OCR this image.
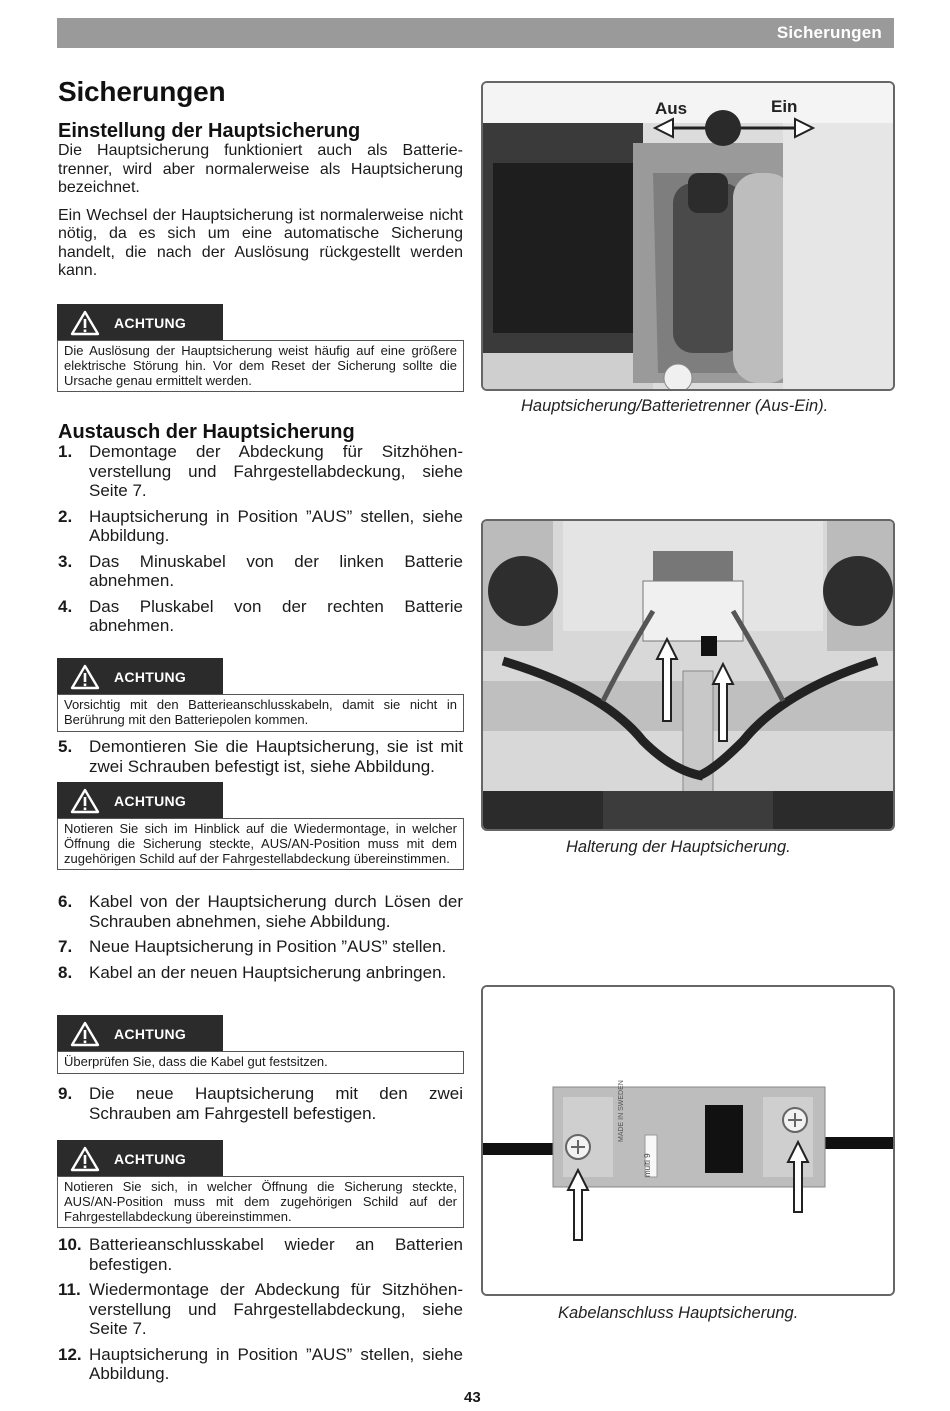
Sicherungen
Sicherungen
Einstellung der Hauptsicherung

Die Hauptsicherung funktioniert auch als Batterie-trenner, wird aber normalerweise als Hauptsicherung bezeichnet.

Ein Wechsel der Hauptsicherung ist normalerweise nicht nötig, da es sich um eine automatische Sicherung handelt, die nach der Auslösung rückgestellt werden kann.

ACHTUNG
Die Auslösung der Hauptsicherung weist häufig auf eine größere elektrische Störung hin. Vor dem Reset der Sicherung sollte die Ursache genau ermittelt werden.
Austausch der Hauptsicherung
1. Demontage der Abdeckung für Sitzhöhen-verstellung und Fahrgestellabdeckung, siehe Seite 7.
2. Hauptsicherung in Position ”AUS” stellen, siehe Abbildung.
3. Das Minuskabel von der linken Batterie abnehmen.
4. Das Pluskabel von der rechten Batterie abnehmen.
ACHTUNG
Vorsichtig mit den Batterieanschlusskabeln, damit sie nicht in Berührung mit den Batteriepolen kommen.
5. Demontieren Sie die Hauptsicherung, sie ist mit zwei Schrauben befestigt ist, siehe Abbildung.
ACHTUNG
Notieren Sie sich im Hinblick auf die Wiedermontage, in welcher Öffnung die Sicherung steckte, AUS/AN-Position muss mit dem zugehörigen Schild auf der Fahrgestellabdeckung übereinstimmen.
6. Kabel von der Hauptsicherung durch Lösen der Schrauben abnehmen, siehe Abbildung.
7. Neue Hauptsicherung in Position ”AUS” stellen.
8. Kabel an der neuen Hauptsicherung anbringen.
ACHTUNG
Überprüfen Sie, dass die Kabel gut festsitzen.
9. Die neue Hauptsicherung mit den zwei Schrauben am Fahrgestell befestigen.
ACHTUNG
Notieren Sie sich, in welcher Öffnung die Sicherung steckte, AUS/AN-Position muss mit dem zugehörigen Schild auf der Fahrgestellabdeckung übereinstimmen.
10. Batterieanschlusskabel wieder an Batterien befestigen.
11. Wiedermontage der Abdeckung für Sitzhöhen-verstellung und Fahrgestellabdeckung, siehe Seite 7.
12. Hauptsicherung in Position ”AUS” stellen, siehe Abbildung.
Aus	Ein
Hauptsicherung/Batterietrenner (Aus-Ein).
Halterung der Hauptsicherung.
MADE IN SWEDEN
multi 9
Kabelanschluss Hauptsicherung.
43
